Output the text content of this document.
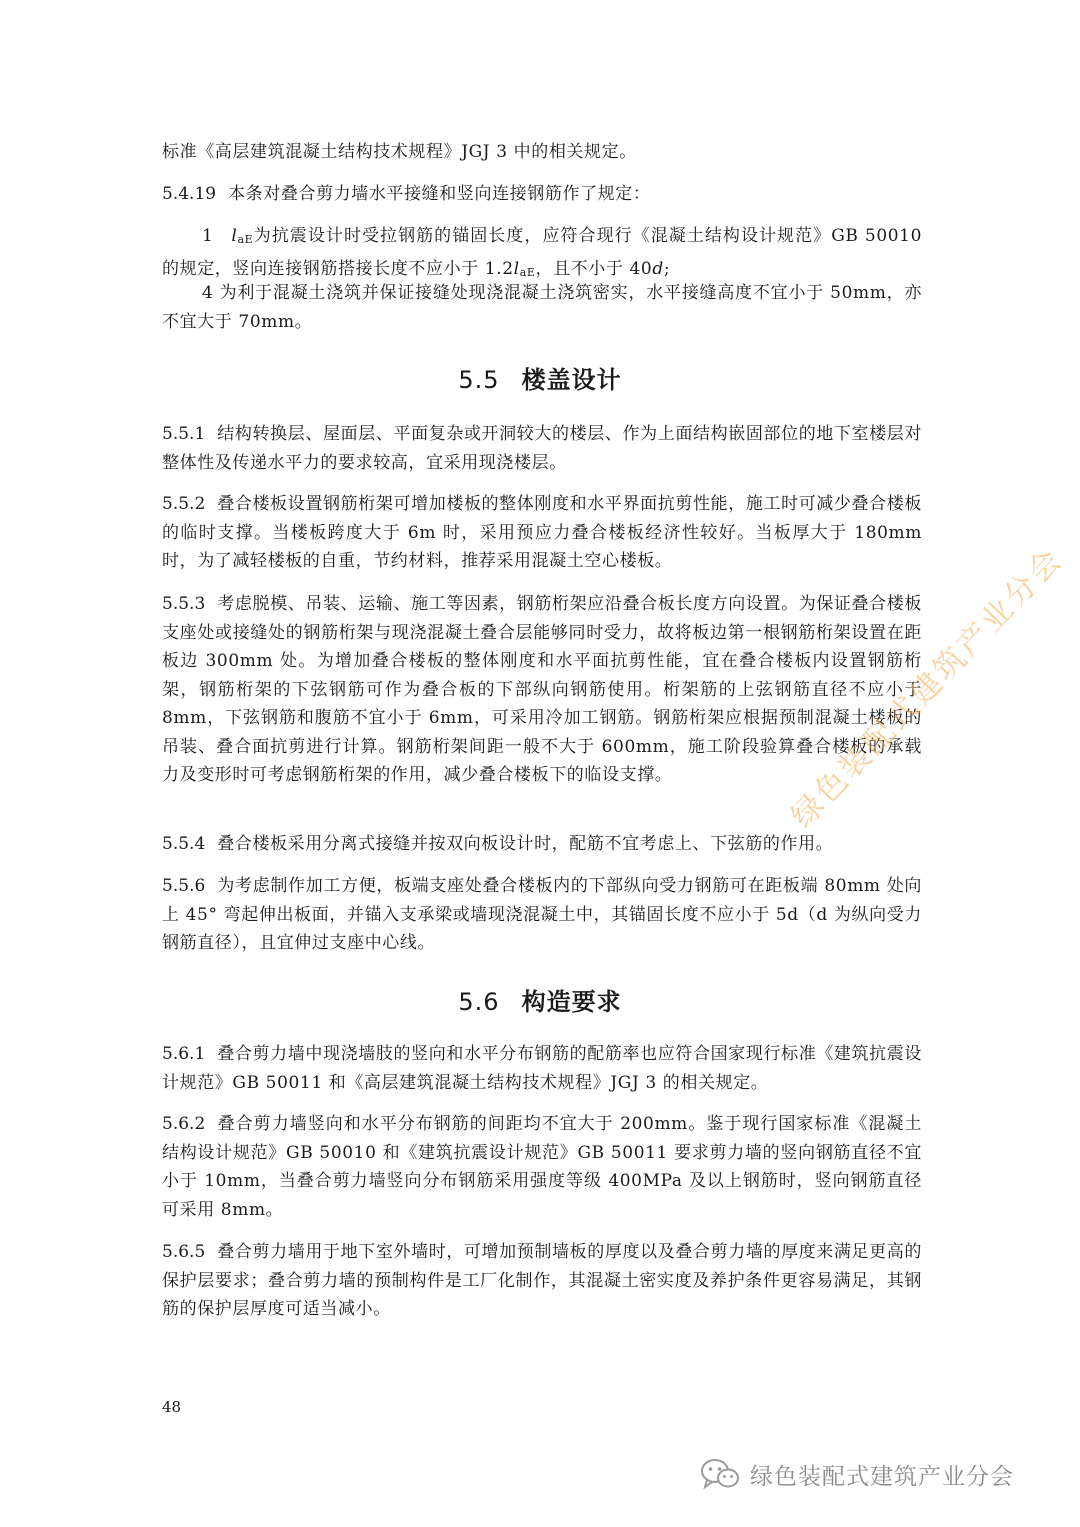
标准《高层建筑混凝土结构技术规程》JGJ 3 中的相关规定。

5.4.19 本条对叠合剪力墙水平接缝和竖向连接钢筋作了规定：

1 laE为抗震设计时受拉钢筋的锚固长度，应符合现行《混凝土结构设计规范》GB 50010的规定，竖向连接钢筋搭接长度不应小于 1.2laE，且不小于 40d;

4 为利于混凝土浇筑并保证接缝处现浇混凝土浇筑密实，水平接缝高度不宜小于 50mm，亦不宜大于 70mm。

5.5 楼盖设计

5.5.1 结构转换层、屋面层、平面复杂或开洞较大的楼层、作为上面结构嵌固部位的地下室楼层对整体性及传递水平力的要求较高，宜采用现浇楼层。

5.5.2 叠合楼板设置钢筋桁架可增加楼板的整体刚度和水平界面抗剪性能，施工时可减少叠合楼板的临时支撑。当楼板跨度大于 6m 时，采用预应力叠合楼板经济性较好。当板厚大于 180mm 时，为了减轻楼板的自重，节约材料，推荐采用混凝土空心楼板。

5.5.3 考虑脱模、吊装、运输、施工等因素，钢筋桁架应沿叠合板长度方向设置。为保证叠合楼板支座处或接缝处的钢筋桁架与现浇混凝土叠合层能够同时受力，故将板边第一根钢筋桁架设置在距板边 300mm 处。为增加叠合楼板的整体刚度和水平面抗剪性能，宜在叠合楼板内设置钢筋桁架，钢筋桁架的下弦钢筋可作为叠合板的下部纵向钢筋使用。桁架筋的上弦钢筋直径不应小于 8mm，下弦钢筋和腹筋不宜小于 6mm，可采用冷加工钢筋。钢筋桁架应根据预制混凝土楼板的吊装、叠合面抗剪进行计算。钢筋桁架间距一般不大于 600mm，施工阶段验算叠合楼板的承载力及变形时可考虑钢筋桁架的作用，减少叠合楼板下的临设支撑。

5.5.4 叠合楼板采用分离式接缝并按双向板设计时，配筋不宜考虑上、下弦筋的作用。

5.5.6 为考虑制作加工方便，板端支座处叠合楼板内的下部纵向受力钢筋可在距板端 80mm 处向上 45° 弯起伸出板面，并锚入支承梁或墙现浇混凝土中，其锚固长度不应小于 5d（d 为纵向受力钢筋直径），且宜伸过支座中心线。

5.6 构造要求

5.6.1 叠合剪力墙中现浇墙肢的竖向和水平分布钢筋的配筋率也应符合国家现行标准《建筑抗震设计规范》GB 50011 和《高层建筑混凝土结构技术规程》JGJ 3 的相关规定。

5.6.2 叠合剪力墙竖向和水平分布钢筋的间距均不宜大于 200mm。鉴于现行国家标准《混凝土结构设计规范》GB 50010 和《建筑抗震设计规范》GB 50011 要求剪力墙的竖向钢筋直径不宜小于 10mm，当叠合剪力墙竖向分布钢筋采用强度等级 400MPa 及以上钢筋时，竖向钢筋直径可采用 8mm。

5.6.5 叠合剪力墙用于地下室外墙时，可增加预制墙板的厚度以及叠合剪力墙的厚度来满足更高的保护层要求；叠合剪力墙的预制构件是工厂化制作，其混凝土密实度及养护条件更容易满足，其钢筋的保护层厚度可适当减小。

48

绿色装配式建筑产业分会
绿色装配式建筑产业分会
